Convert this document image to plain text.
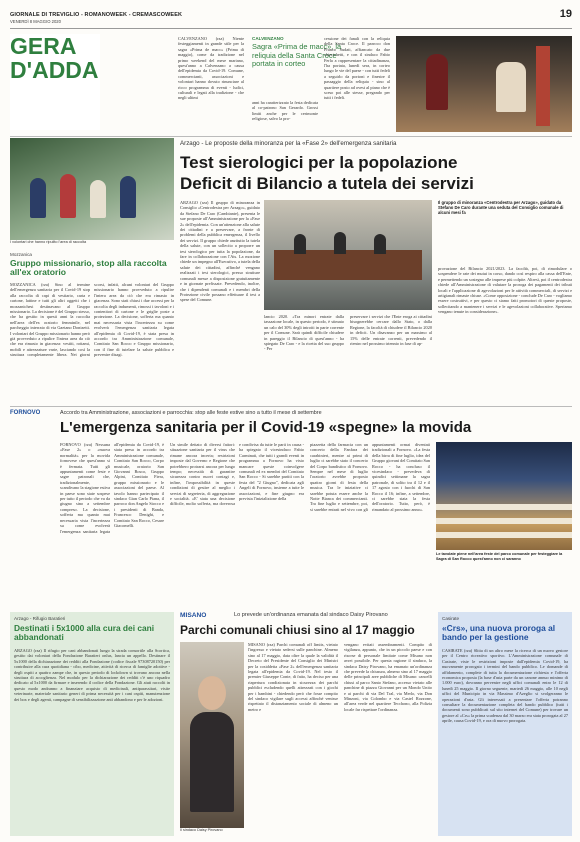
GIORNALE DI TREVIGLIO - ROMANOWEEK - CREMASCOWEEK
VENERDÌ 8 MAGGIO 2020
19
GERA
D'ADDA
CALVENZANO (rza) Niente festeggiamenti in grande stile per la sagra «Prima de macc» (Prima di maggio), come da tradizione nel primo weekend del mese mariano, quest'anno a Calvenzano a causa dell'epidemia da Covid-19. Comune, commercianti, associazioni e volontari hanno dovuto rinunciare al ricco programma di eventi - ludici, culturali e legati alla tradizione - che negli ultimi
CALVENZANO
Sagra «Prima de macc», la reliquia della Santa Croce portata in corteo
anni ha caratterizzato la festa dedicata al co-patrono San Gerardo. Grossi limiti anche per le cerimonie religiose, salvo la pro-
cessione dei fanali con la reliquia della Santa Croce. Il parroco don Franco Sudati, affiancato da due chierichetti, e con il sindaco Fabio Ferla a rappresentare la cittadinanza, l'ha portata, lunedì sera, in corteo lungo le vie del paese - con tutti fedeli a seguirlo da portoni e finestre il passaggio della reliquia - sino al quartiere posto ad ovest al piano che è sceso poi alle stesse, pregando per tutti i fedeli.
Arzago - Le proposte della minoranza per la «Fase 2» dell'emergenza sanitaria
Test sierologici per la popolazione
Deficit di Bilancio a tutela dei servizi
I volontari che hanno ripulito l'area di raccolta
Mozzanica
Gruppo missionario, stop alla raccolta all'ex oratorio
MOZZANICA (rza) Sino al termine dell'emergenza sanitaria per il Covid-19 stop alla raccolta di capi di vestiario, carta e cartone, lattine e tutti gli altri oggetti che i mozzanichesi destinavano al Gruppo missionario. La decisione è del Gruppo stesso, che ha gestito in questi anni la raccolta nell'area dell'ex oratorio femminile, nel parcheggio interrato di via Gaetano Donizetti. I volontari del Gruppo missionario hanno però già provveduto a ripulire l'intera area da ciò che era rimasto in giacenza: vestiti, rottami, mobili e attrezzature varie, lasciando così la struttura completamente libera. Nei giorni scorsi, infatti, alcuni volontari del Gruppo missionario hanno provveduto a ripulire l'intera area da ciò che era rimasto in giacenza. Sono stati chiusi i due accessi per la raccolta degli indumenti, rimossi i tavoloni e i contenitori di cartone e le griglie poste a protezione. La decisione, sofferta ma quanto mai necessaria vista l'incertezza su come evolverà l'emergenza sanitaria legata all'epidemia di Covid-19, è stata presa in accordo tra Amministrazione comunale, Comitato San Rocco e Gruppo missionario, con il fine di tutelare la salute pubblica e prevenire disagi.
ARZAGO (rza) Il gruppo di minoranza in Consiglio «Centrodestra per Arzago», guidato da Stefano De Caro (Cambiante), presenta le sue proposte all'Amministrazione per la «Fase 2» dell'epidemia. Con un'attenzione alla salute dei cittadini e a preservare, a fronte di problemi della pubblica emergenza, il livello dei servizi. Il gruppo chiede anzitutto la tutela della salute, con un sollecito a proporre un test sierologico per tutta la popolazione, da fare in collaborazione con l'Ats. La mozione chiede un impegno all'Esecutivo, a tutela della salute dei cittadini, affinché vengano realizzati i test sierologici, presso strutture comunali messe a disposizione gratuitamente e in giornate prefissate. Prevedendo, inoltre, che i dipendenti comunali e i membri della Protezione civile possano effettuare il test a spese del Comune.
lancio 2020. «Tra minori entrate dalla tassazione locale, in questo periodo, è stimato un calo del 30% degli introiti in parte corrente per il Comune. Sarà quindi difficile chiudere in pareggio il Bilancio di quest'anno - ha spiegato De Caro - e la ricetta del suo gruppo - Per
preservare i servizi che l'Ente eroga ai cittadini bisognerebbe cercare dallo Stato, o dalla Regione, la facoltà di chiudere il Bilancio 2020 in deficit. Un disavanzo per un massimo al 15% delle entrate correnti, prevedendo il rientro nel prossimo triennio in fase di ap-
Il gruppo di minoranza «Centrodestra per Arzago», guidato da Stefano De Caro durante una seduta del Consiglio comunale di alcuni mesi fa
provazione del Bilancio 2021/2023. La facoltà, poi, di rimodulare o sospendere le rate dei mutui in corso, dando così respiro alla cassa dell'Ente, e permettendo un sostegno alle imprese più colpite. Altresì, poi il centrodestra chiede all'Amministrazione di valutare la proroga dei pagamenti dei tributi locali e l'applicazione di agevolazioni per le attività commerciali, di servizi e artigianali rimaste chiuse. «Come opposizione - conclude De Caro - vogliamo essere costruttivi, e per questo ci siamo fatti promotori di queste proposte, sollecitando a mantenere i servizi e le agevolazioni collaborative. Speriamo vengano tenute in considerazione».
Accordo tra Amministrazione, associazioni e parrocchia: stop alle feste estive sino a tutto il mese di settembre
FORNOVO
L'emergenza sanitaria per il Covid-19 «spegne» la movida
FORNOVO (rza) Nessuna «Fase 2» o «nuova normalità» per la movida fornovese che quest'anno si è fermata. Tutti gli appuntamenti come feste e sagre patronali che, tradizionalmente, scandivano la stagione estiva in paese sono state sospese per tutto il periodo che va da giugno sino a settembre compreso. La decisione, sofferta ma quanto mai necessaria vista l'incertezza su come evolverà l'emergenza sanitaria legata all'epidemia da Covid-19, è stata presa in accordo tra Amministrazione comunale, Comitato San Rocco, Corpo musicale, oratorio San Giovanni Bosco, Gruppo Alpini, Comitato Fiera, gruppo missionario e le associazioni del paese. Al tavolo hanno partecipato il sindaco Gian Carlo Piana, il parroco don Angelo Stocco e i presidenti di Banda, Francesco Denighi, e Comitato San Rocco, Cesare Giacomelli.
Un simile dettato di diversi fattori: situazione sanitaria per il virus che rimane ancora incerta; restrizioni imposte dal Governo e Regione che potrebbero protrarsi ancora per lungo tempo; necessità di garantire sicurezza contro nuovi contagi e, infine, l'impossibilità in queste condizioni di gestire al meglio i servizi di segreteria, di aggregazione e socialità. «E' stata una decisione difficile, molto sofferta, ma doverosa e condivisa da tutte le parti in causa - ha spiegato il vicesindaco Fabio Carminati, che tutti i grandi eventi in programma a Fornovo ha visto mancare queste coinvolgere comunali ed ex membri del Comitato San Rocco - Si sarebbe partiti con la festa del "2 Giugno", dedicata agli Angeli di Fornovo, insieme a tutte le associazioni, e fine giugno era prevista l'inizializione della
piazzetta della farmacia con un concerto della Fanfara dei carabinieri, mentre ai primi di luglio ci sarebbe stato il concerto del Corpo bandistico di Fornovo. Sempre nel mese di luglio l'oratorio avrebbe proposto quattro giorni di festa della musica. Tra le iniziative ci sarebbe potuta essere anche la Notte Bianca dei commercianti. Tra fine luglio e settembre, poi, si sarebbe entrati nel vivo con gli appuntamenti ormai diventati tradizionali a Fornovo. «La festa della birra di fine luglio, idea del Gruppo giovani del Comitato San Rocco - ha concluso il vicesindaco - prevedeva di quindici settimane la sagra patronale, di solito tra il 12 e il 17 agosto con i fuochi di San Rocco il 16; infine, a settembre, ci sarebbe stata la festa dell'oratorio. Tutto, però, è rimandato al prossimo anno».
Le tavolate piene nell'area feste del parco comunale per festeggiare la Sagra di San Rocco quest'anno non ci saranno
Arzago - Rifugio Baratieri
Destinati i 5x1000 alla cura dei cani abbandonati
ARZAGO (rza) Il rifugio per cani abbandonati lungo la strada consortile alla Scortica, gestito dai volontari della Fondazione Baratieri onlus, lancia un appello. Destinare il 5x1000 della dichiarazione dei redditi alla Fondazione (codice fiscale 97308720150) per contribuire alla cura quotidiana - cibo, medicine, attività di ricerca di famiglie adottive - degli ospiti a quattro zampe che, in questo periodo di lockdown si trovano ancora nella struttura di accoglienza. Nel modulo per la dichiarazione dei redditi c'è uno riquadro dedicato al 5x1000 da firmare e inserendo il codice della Fondazione. Gli aiuti raccolti in questo modo andranno a finanziare acquisto di medicinali, antiparassitari, visite veterinarie, materiale sanitario generi di prima necessità per i cani ospiti, manutenzione dei box e degli agenti, campagne di sensibilizzazione anti abbandono e per le adozioni.
MISANO	Lo prevede un'ordinanza emanata dal sindaco Daisy Pirovano
Parchi comunali chiusi sino al 17 maggio
Il sindaco Daisy Pirovano
MISANO (rza) Parchi comunali off limits, vietato l'ingresso e vietato sedersi sulle panchine. Almeno sino al 17 maggio, data oltre la quale la validità il Decreto del Presidente del Consiglio dei Ministri per la cosiddetta «Fase 2» dell'emergenza sanitaria legata all'epidemia da Covid-19. Nel testo il premier Giuseppe Conte, di fatto, ha deciso per una riapertura condizionata in sicurezza dei parchi pubblici escludendo quelli attrezzati con i giochi per i bambini - chiedendo però che fosse compito del sindaco vigilare sugli accessi affinché venisse rispettato il distanziamento sociale di almeno un metro e
vengano evitati assembramenti. Compito di vigilanza, appunto, che in un piccolo paese e con risorse di personale limitate come Misano non avrei possibile. Per questa ragione il sindaco, la sindaca Daisy Pirovano, ha emanato un'ordinanza che prevede la chiusura, almeno sino al 17 maggio delle principali aree pubbliche di Misano: cancelli chiusi al parco Santo Stefano, accesso vietato alle panchine di piazza Giovanni per un Mondo Unito e ai parchi di via Del Tral, via Merlo, via Don Minzoni, via Colombo e via Castel Rozzone, all'area verde nel quartiere Tecchono, alla Polizia locale far rispettare l'ordinanza.
Casirate
«Crs», una nuova proroga al bando per la gestione
CASIRATE (rza) Slitta di un altro mese la ricerca di un nuovo gestore per il Centro ricreativo sportivo. L'Amministrazione comunale di Casirate, viste le restrizioni imposte dall'epidemia Covid-19, ha nuovamente prorogato i termini del bando pubblico. Le domande di affidamento, complete di tutta la documentazione richiesta e l'offerta economica proposta (la base d'asta parte da un canone annuo minimo di 1.000 euro), dovranno pervenire negli uffici comunali entro le 12 di lunedì 25 maggio. Il giorno seguente, martedì 26 maggio, alle 10 negli uffici del Municipio in via Massimo d'Azeglio si svolgeranno le operazioni d'asta. Gli interessati a presentare l'offerta potranno consultare la documentazione completa del bando pubblico (tutti i documenti sono pubblicati sul sito internet del Comune) per trovare un gestore al «Crs» la prima scadenza dal 30 marzo era stata prorogata al 27 aprile, causa Covid-19, e ora di nuovo prorogata.
